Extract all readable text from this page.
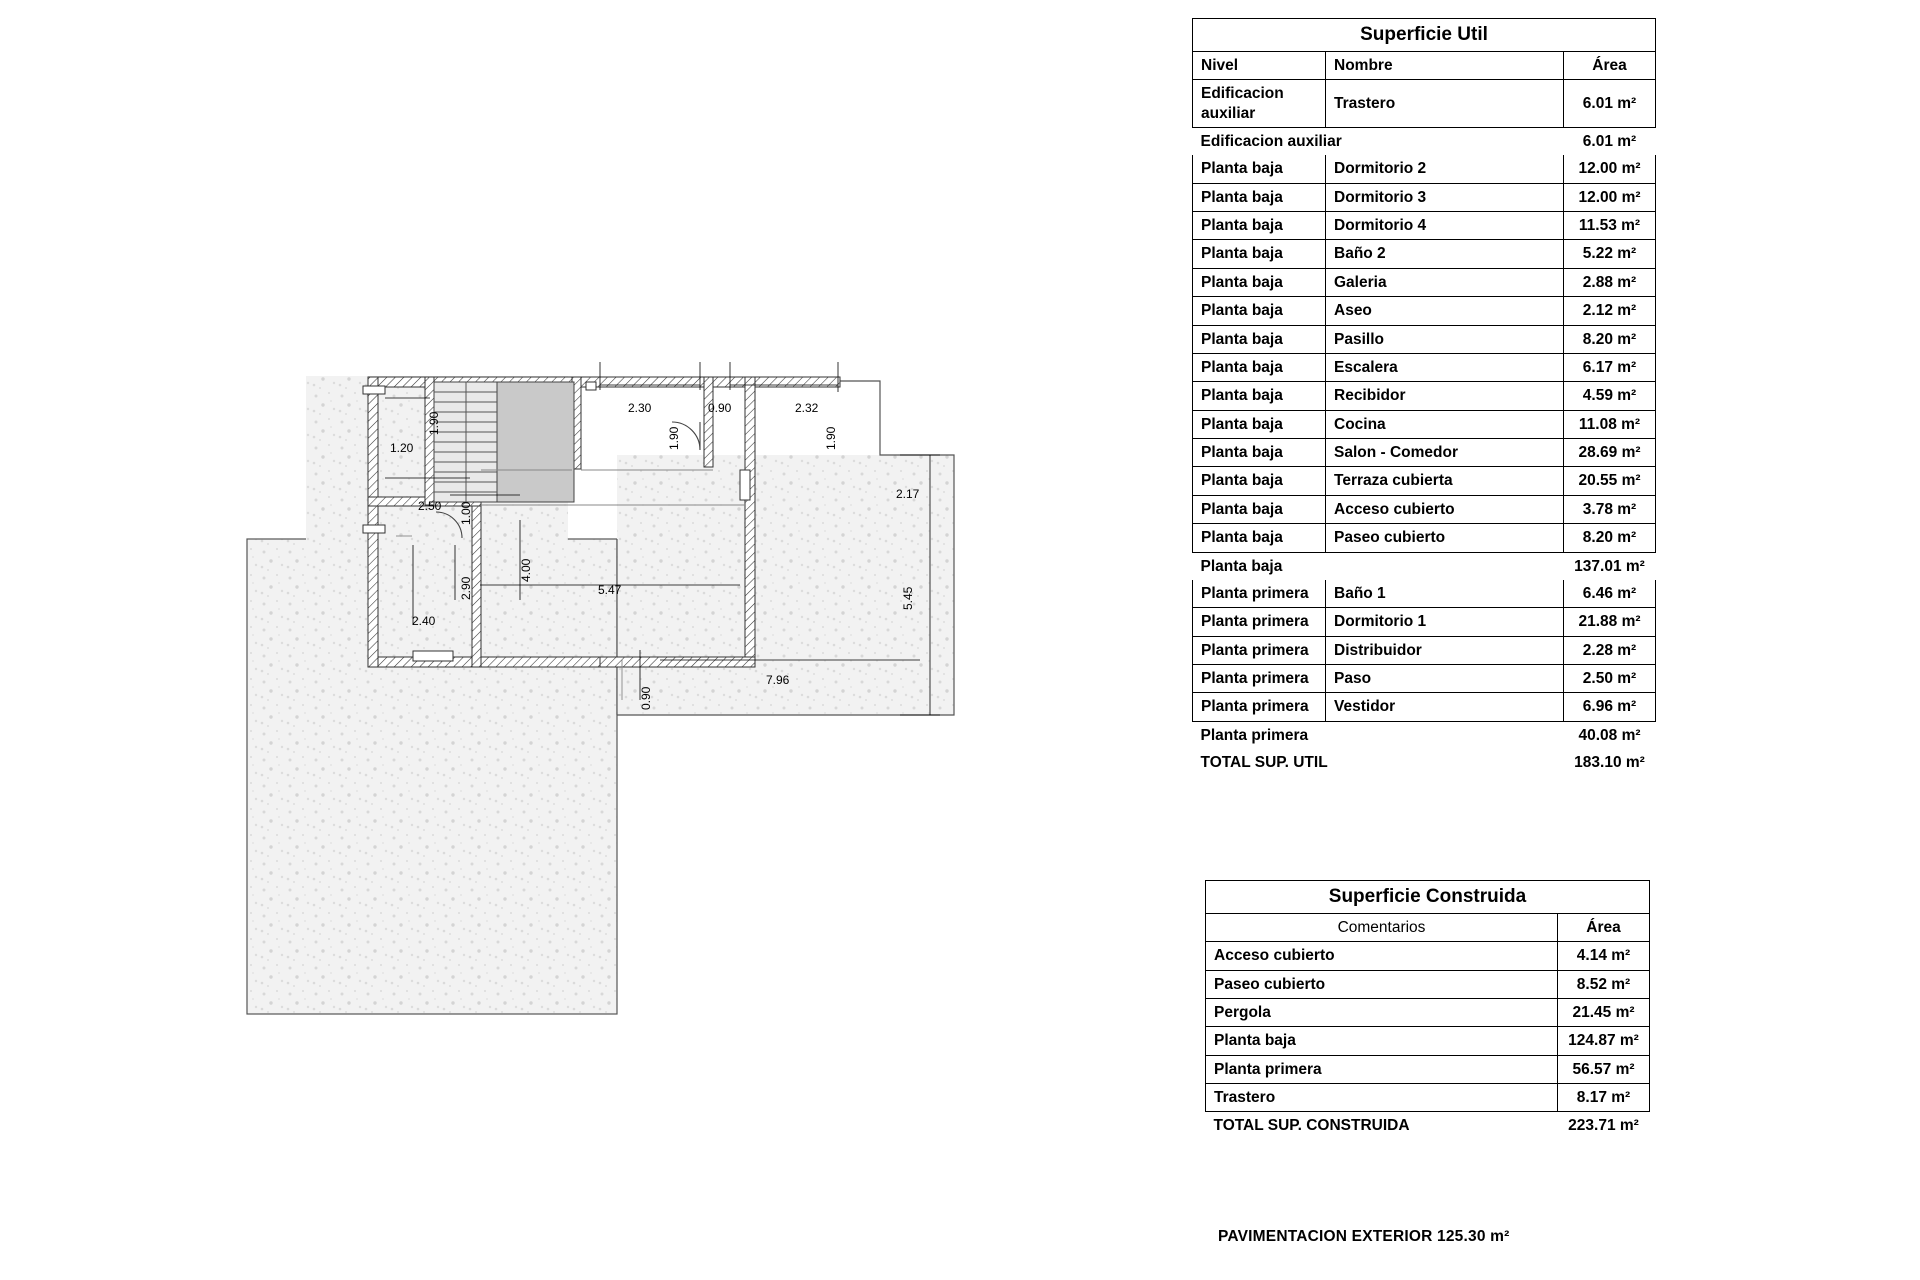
2.30	0.90	2.32
1.20
1.90
1.90	1.90
2.17
2.50 1.00
4.00
2.90
2.40
5.47	5.45
7.96
0.90
Superficie Util		
Nivel	Nombre	Área
Edificacion auxiliar	Trastero	6.01 m²
Edificacion auxiliar		6.01 m²
Planta baja	Dormitorio 2	12.00 m²
Planta baja	Dormitorio 3	12.00 m²
Planta baja	Dormitorio 4	11.53 m²
Planta baja	Baño 2	5.22 m²
Planta baja	Galeria	2.88 m²
Planta baja	Aseo	2.12 m²
Planta baja	Pasillo	8.20 m²
Planta baja	Escalera	6.17 m²
Planta baja	Recibidor	4.59 m²
Planta baja	Cocina	11.08 m²
Planta baja	Salon - Comedor	28.69 m²
Planta baja	Terraza cubierta	20.55 m²
Planta baja	Acceso cubierto	3.78 m²
Planta baja	Paseo cubierto	8.20 m²
Planta baja		137.01 m²
Planta primera	Baño 1	6.46 m²
Planta primera	Dormitorio 1	21.88 m²
Planta primera	Distribuidor	2.28 m²
Planta primera	Paso	2.50 m²
Planta primera	Vestidor	6.96 m²
Planta primera		40.08 m²
TOTAL SUP. UTIL		183.10 m²
Superficie Construida	
Comentarios	Área
Acceso cubierto	4.14 m²
Paseo cubierto	8.52 m²
Pergola	21.45 m²
Planta baja	124.87 m²
Planta primera	56.57 m²
Trastero	8.17 m²
TOTAL SUP. CONSTRUIDA	223.71 m²
PAVIMENTACION EXTERIOR 125.30 m²
